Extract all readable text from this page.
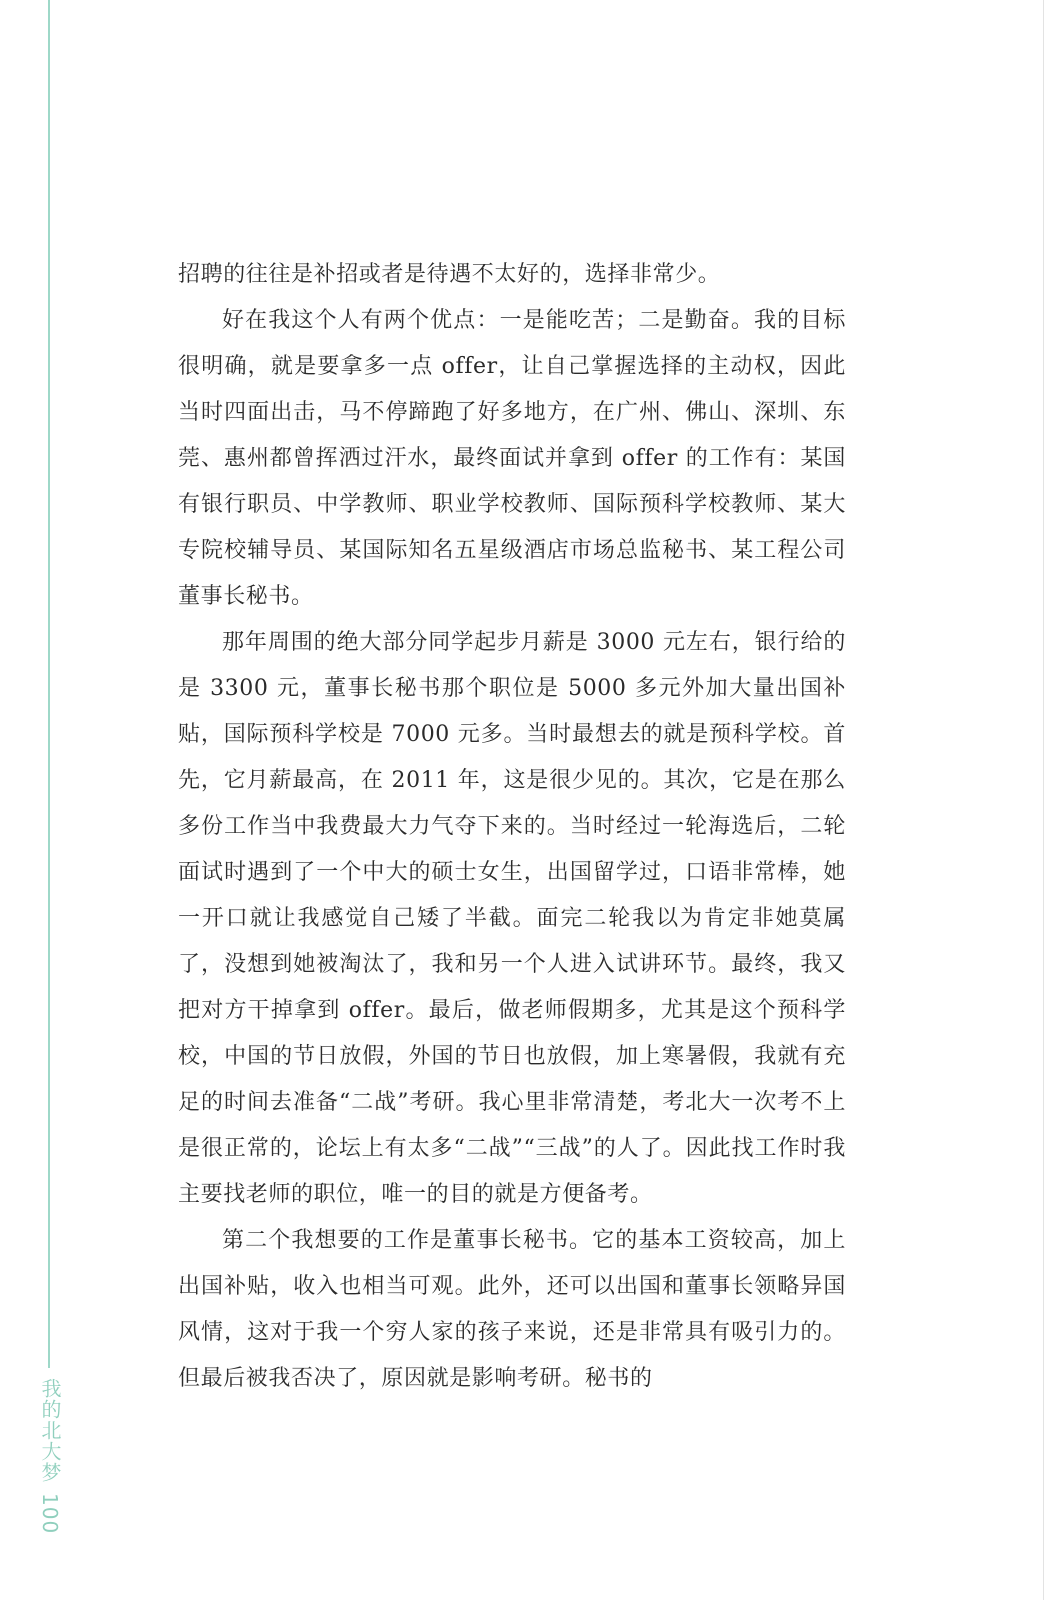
我的北大梦100

招聘的往往是补招或者是待遇不太好的，选择非常少。

好在我这个人有两个优点：一是能吃苦；二是勤奋。我的目标很明确，就是要拿多一点 offer，让自己掌握选择的主动权，因此当时四面出击，马不停蹄跑了好多地方，在广州、佛山、深圳、东莞、惠州都曾挥洒过汗水，最终面试并拿到 offer 的工作有：某国有银行职员、中学教师、职业学校教师、国际预科学校教师、某大专院校辅导员、某国际知名五星级酒店市场总监秘书、某工程公司董事长秘书。

那年周围的绝大部分同学起步月薪是 3000 元左右，银行给的是 3300 元，董事长秘书那个职位是 5000 多元外加大量出国补贴，国际预科学校是 7000 元多。当时最想去的就是预科学校。首先，它月薪最高，在 2011 年，这是很少见的。其次，它是在那么多份工作当中我费最大力气夺下来的。当时经过一轮海选后，二轮面试时遇到了一个中大的硕士女生，出国留学过，口语非常棒，她一开口就让我感觉自己矮了半截。面完二轮我以为肯定非她莫属了，没想到她被淘汰了，我和另一个人进入试讲环节。最终，我又把对方干掉拿到 offer。最后，做老师假期多，尤其是这个预科学校，中国的节日放假，外国的节日也放假，加上寒暑假，我就有充足的时间去准备“二战”考研。我心里非常清楚，考北大一次考不上是很正常的，论坛上有太多“二战”“三战”的人了。因此找工作时我主要找老师的职位，唯一的目的就是方便备考。

第二个我想要的工作是董事长秘书。它的基本工资较高，加上出国补贴，收入也相当可观。此外，还可以出国和董事长领略异国风情，这对于我一个穷人家的孩子来说，还是非常具有吸引力的。但最后被我否决了，原因就是影响考研。秘书的
